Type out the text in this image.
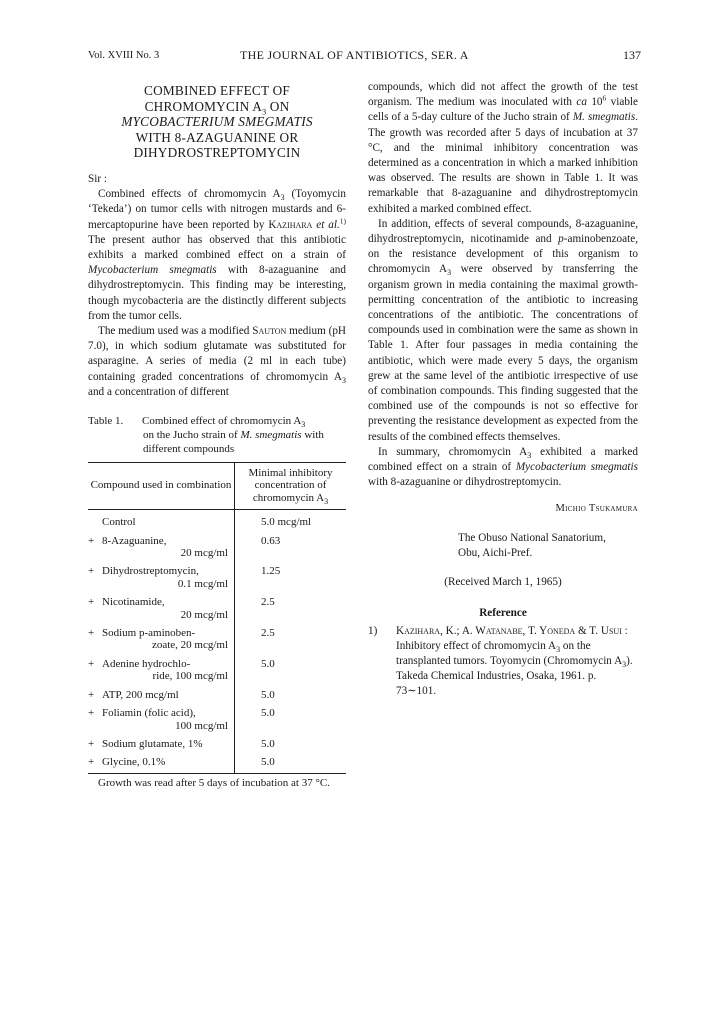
Vol. XVIII No. 3	THE JOURNAL OF ANTIBIOTICS, SER. A	137
COMBINED EFFECT OF
CHROMOMYCIN $A_3$ ON
MYCOBACTERIUM SMEGMATIS
WITH 8-AZAGUANINE OR
DIHYDROSTREPTOMYCIN

Sir :

Combined effects of chromomycin $A_3$ (Toyomycin ‘Tekeda’) on tumor cells with nitrogen mustards and 6-mercaptopurine have been reported by Kazihara et al.$^{1)}$ The present author has observed that this antibiotic exhibits a marked combined effect on a strain of Mycobacterium smegmatis with 8-azaguanine and dihydrostreptomycin. This finding may be interesting, though mycobacteria are the distinctly different subjects from the tumor cells.

The medium used was a modified Sauton medium (pH 7.0), in which sodium glutamate was substituted for asparagine. A series of media (2 ml in each tube) containing graded concentrations of chromomycin $A_3$ and a concentration of different

Table 1. Combined effect of chromomycin $A_3$
on the Jucho strain of M. smegmatis with different compounds
Compound used in combination	Minimal inhibitory concentration of chromomycin $A_3$

Control	5.0 mcg/ml

+ 8-Azaguanine,
20 mcg/ml	0.63

+ Dihydrostreptomycin,
0.1 mcg/ml	1.25

+ Nicotinamide,
20 mcg/ml	2.5

+ Sodium p-aminoben-
zoate, 20 mcg/ml	2.5

+ Adenine hydrochlo-
ride, 100 mcg/ml	5.0

+ ATP, 200 mcg/ml	5.0

+ Foliamin (folic acid),
100 mcg/ml	5.0

+ Sodium glutamate, 1%	5.0

+ Glycine, 0.1%	5.0

Growth was read after 5 days of incubation at 37 °C.

compounds, which did not affect the growth of the test organism. The medium was inoculated with ca $10^6$ viable cells of a 5-day culture of the Jucho strain of M. smegmatis. The growth was recorded after 5 days of incubation at 37 °C, and the minimal inhibitory concentration was determined as a concentration in which a marked inhibition was observed. The results are shown in Table 1. It was remarkable that 8-azaguanine and dihydrostreptomycin exhibited a marked combined effect.

In addition, effects of several compounds, 8-azaguanine, dihydrostreptomycin, nicotinamide and p-aminobenzoate, on the resistance development of this organism to chromomycin $A_3$ were observed by transferring the organism grown in media containing the maximal growth-permitting concentration of the antibiotic to increasing concentrations of the antibiotic. The concentrations of compounds used in combination were the same as shown in Table 1. After four passages in media containing the antibiotic, which were made every 5 days, the organism grew at the same level of the antibiotic irrespective of use of combination compounds. This finding suggested that the combined use of the compounds is not so effective for preventing the resistance development as expected from the results of the combined effects themselves.

In summary, chromomycin $A_3$ exhibited a marked combined effect on a strain of Mycobacterium smegmatis with 8-azaguanine or dihydrostreptomycin.

Michio Tsukamura
The Obuso National Sanatorium,
Obu, Aichi-Pref.
(Received March 1, 1965)
Reference
1) Kazihara, K.; A. Watanabe, T. Yoneda & T. Usui : Inhibitory effect of chromomycin $A_3$ on the transplanted tumors. Toyomycin (Chromomycin $A_3$). Takeda Chemical Industries, Osaka, 1961. p. 73∼101.
